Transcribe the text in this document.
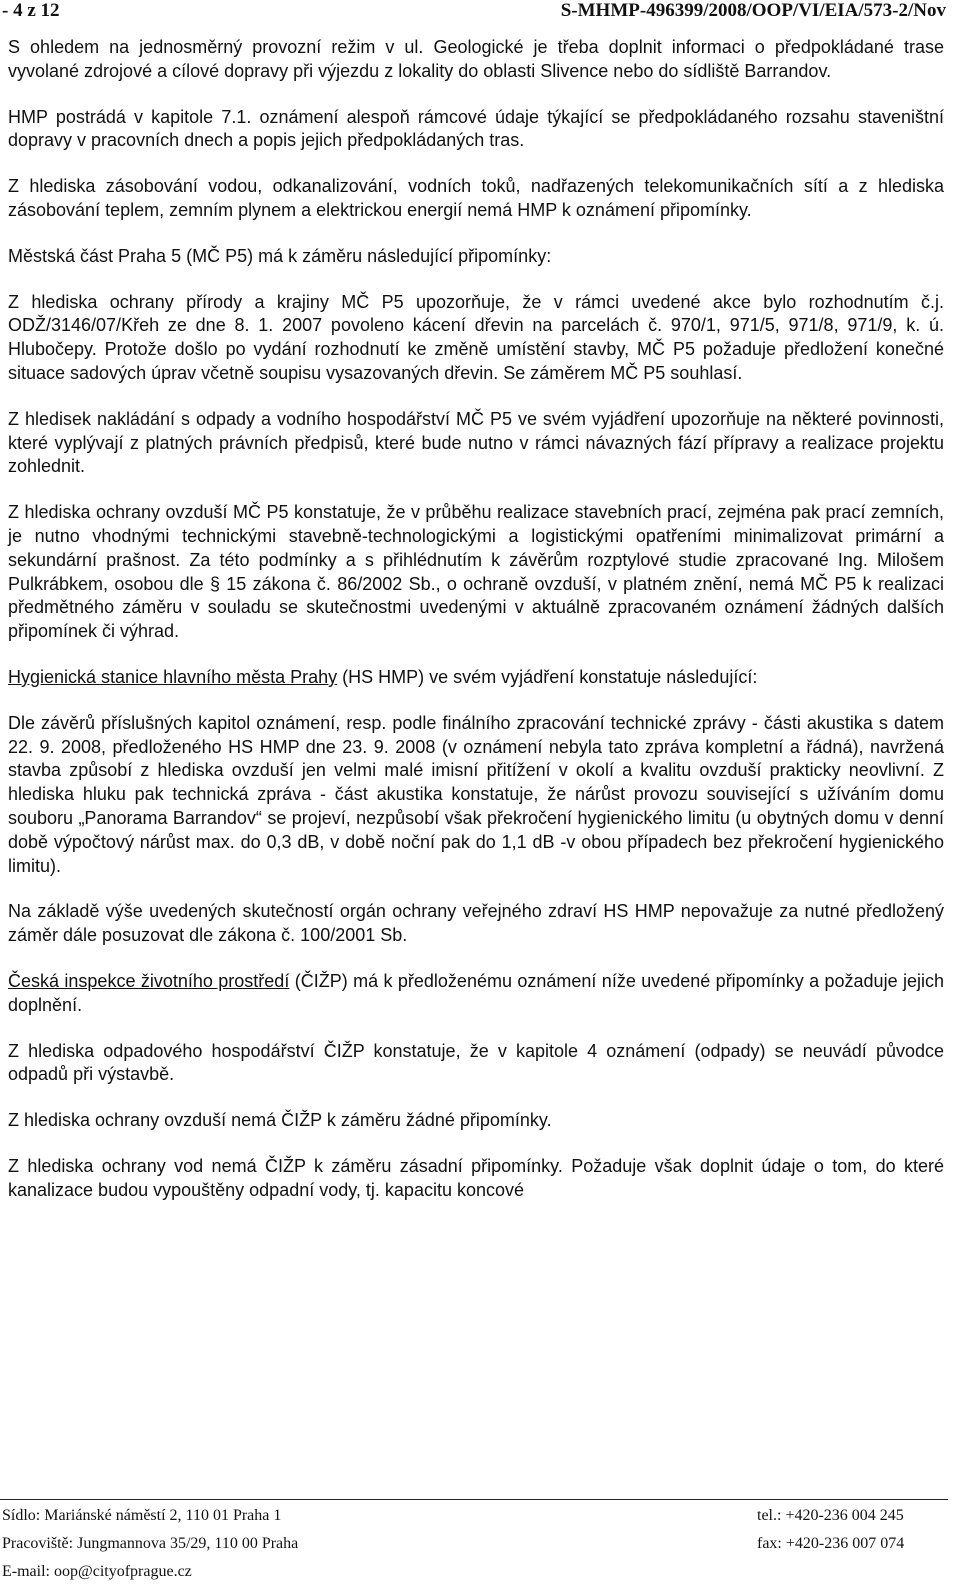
- 4 z 12	S-MHMP-496399/2008/OOP/VI/EIA/573-2/Nov

S ohledem na jednosměrný provozní režim v ul. Geologické je třeba doplnit informaci o předpokládané trase vyvolané zdrojové a cílové dopravy při výjezdu z lokality do oblasti Slivence nebo do sídliště Barrandov.

HMP postrádá v kapitole 7.1. oznámení alespoň rámcové údaje týkající se předpokládaného rozsahu staveništní dopravy v pracovních dnech a popis jejich předpokládaných tras.

Z hlediska zásobování vodou, odkanalizování, vodních toků, nadřazených telekomunikačních sítí a z hlediska zásobování teplem, zemním plynem a elektrickou energií nemá HMP k oznámení připomínky.

Městská část Praha 5 (MČ P5) má k záměru následující připomínky:

Z hlediska ochrany přírody a krajiny MČ P5 upozorňuje, že v rámci uvedené akce bylo rozhodnutím č.j. ODŽ/3146/07/Křeh ze dne 8. 1. 2007 povoleno kácení dřevin na parcelách č. 970/1, 971/5, 971/8, 971/9, k. ú. Hlubočepy. Protože došlo po vydání rozhodnutí ke změně umístění stavby, MČ P5 požaduje předložení konečné situace sadových úprav včetně soupisu vysazovaných dřevin. Se záměrem MČ P5 souhlasí.

Z hledisek nakládání s odpady a vodního hospodářství MČ P5 ve svém vyjádření upozorňuje na některé povinnosti, které vyplývají z platných právních předpisů, které bude nutno v rámci návazných fází přípravy a realizace projektu zohlednit.

Z hlediska ochrany ovzduší MČ P5 konstatuje, že v průběhu realizace stavebních prací, zejména pak prací zemních, je nutno vhodnými technickými stavebně-technologickými a logistickými opatřeními minimalizovat primární a sekundární prašnost. Za této podmínky a s přihlédnutím k závěrům rozptylové studie zpracované Ing. Milošem Pulkrábkem, osobou dle § 15 zákona č. 86/2002 Sb., o ochraně ovzduší, v platném znění, nemá MČ P5 k realizaci předmětného záměru v souladu se skutečnostmi uvedenými v aktuálně zpracovaném oznámení žádných dalších připomínek či výhrad.

Hygienická stanice hlavního města Prahy (HS HMP) ve svém vyjádření konstatuje následující:

Dle závěrů příslušných kapitol oznámení, resp. podle finálního zpracování technické zprávy - části akustika s datem 22. 9. 2008, předloženého HS HMP dne 23. 9. 2008 (v oznámení nebyla tato zpráva kompletní a řádná), navržená stavba způsobí z hlediska ovzduší jen velmi malé imisní přitížení v okolí a kvalitu ovzduší prakticky neovlivní. Z hlediska hluku pak technická zpráva - část akustika konstatuje, že nárůst provozu související s užíváním domu souboru „Panorama Barrandov“ se projeví, nezpůsobí však překročení hygienického limitu (u obytných domu v denní době výpočtový nárůst max. do 0,3 dB, v době noční pak do 1,1 dB -v obou případech bez překročení hygienického limitu).

Na základě výše uvedených skutečností orgán ochrany veřejného zdraví HS HMP nepovažuje za nutné předložený záměr dále posuzovat dle zákona č. 100/2001 Sb.

Česká inspekce životního prostředí (ČIŽP) má k předloženému oznámení níže uvedené připomínky a požaduje jejich doplnění.

Z hlediska odpadového hospodářství ČIŽP konstatuje, že v kapitole 4 oznámení (odpady) se neuvádí původce odpadů při výstavbě.

Z hlediska ochrany ovzduší nemá ČIŽP k záměru žádné připomínky.

Z hlediska ochrany vod nemá ČIŽP k záměru zásadní připomínky. Požaduje však doplnit údaje o tom, do které kanalizace budou vypouštěny odpadní vody, tj. kapacitu koncové

Sídlo: Mariánské náměstí 2, 110 01 Praha 1
Pracoviště: Jungmannova 35/29, 110 00 Praha
E-mail: oop@cityofprague.cz
tel.: +420-236 004 245
fax: +420-236 007 074
